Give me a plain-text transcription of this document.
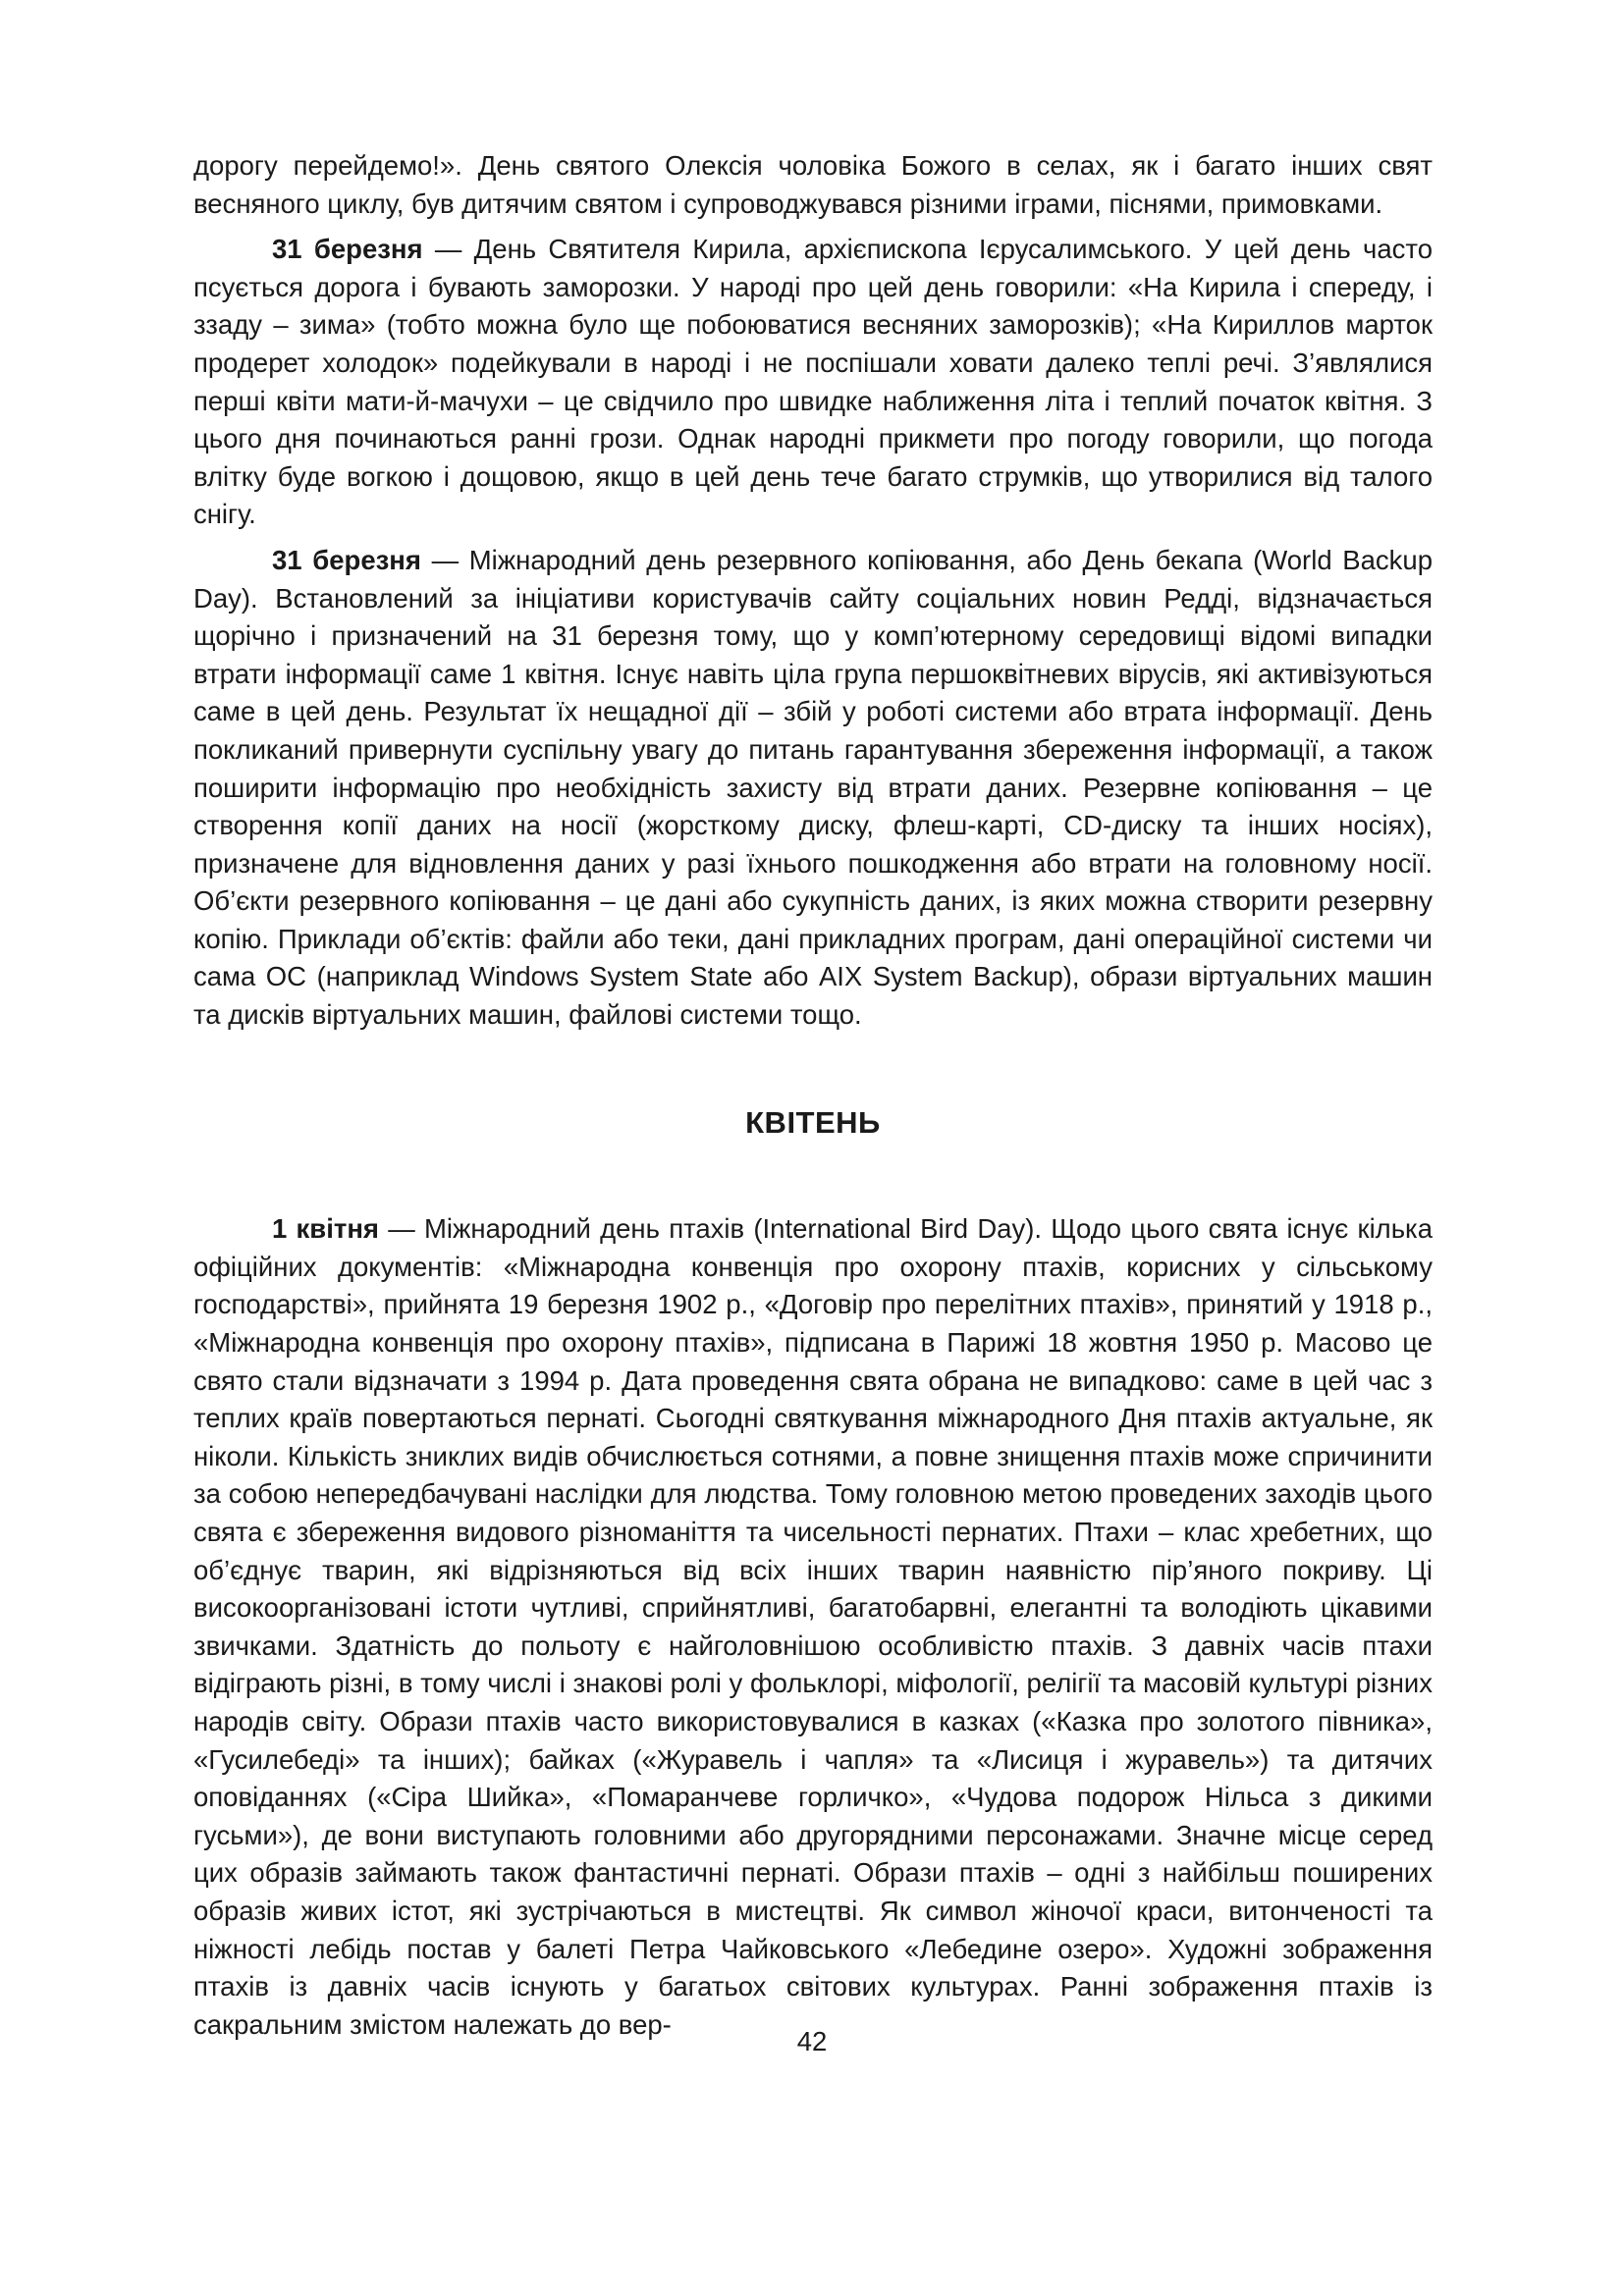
дорогу перейдемо!». День святого Олексія чоловіка Божого в селах, як і багато інших свят весняного циклу, був дитячим святом і супроводжувався різними іграми, піснями, примовками.

31 березня — День Святителя Кирила, архієпископа Ієрусалимського. У цей день часто псується дорога і бувають заморозки. У народі про цей день говорили: «На Кирила і спереду, і ззаду – зима» (тобто можна було ще побоюватися весняних заморозків); «На Кириллов марток продерет холодок» подейкували в народі і не поспішали ховати далеко теплі речі. З’являлися перші квіти мати-й-мачухи – це свідчило про швидке наближення літа і теплий початок квітня. З цього дня починаються ранні грози. Однак народні прикмети про погоду говорили, що погода влітку буде вогкою і дощовою, якщо в цей день тече багато струмків, що утворилися від талого снігу.

31 березня — Міжнародний день резервного копіювання, або День бекапа (World Backup Day). Встановлений за ініціативи користувачів сайту соціальних новин Редді, відзначається щорічно і призначений на 31 березня тому, що у комп’ютерному середовищі відомі випадки втрати інформації саме 1 квітня. Існує навіть ціла група першоквітневих вірусів, які активізуються саме в цей день. Результат їх нещадної дії – збій у роботі системи або втрата інформації. День покликаний привернути суспільну увагу до питань гарантування збереження інформації, а також поширити інформацію про необхідність захисту від втрати даних. Резервне копіювання – це створення копії даних на носії (жорсткому диску, флеш-карті, CD-диску та інших носіях), призначене для відновлення даних у разі їхнього пошкодження або втрати на головному носії. Об’єкти резервного копіювання – це дані або сукупність даних, із яких можна створити резервну копію. Приклади об’єктів: файли або теки, дані прикладних програм, дані операційної системи чи сама ОС (наприклад Windows System State або AIX System Backup), образи віртуальних машин та дисків віртуальних машин, файлові системи тощо.

КВІТЕНЬ

1 квітня — Міжнародний день птахів (International Bird Day). Щодо цього свята існує кілька офіційних документів: «Міжнародна конвенція про охорону птахів, корисних у сільському господарстві», прийнята 19 березня 1902 р., «Договір про перелітних птахів», принятий у 1918 р., «Міжнародна конвенція про охорону птахів», підписана в Парижі 18 жовтня 1950 р. Масово це свято стали відзначати з 1994 р. Дата проведення свята обрана не випадково: саме в цей час з теплих країв повертаються пернаті. Сьогодні святкування міжнародного Дня птахів актуальне, як ніколи. Кількість зниклих видів обчислюється сотнями, а повне знищення птахів може спричинити за собою непередбачувані наслідки для людства. Тому головною метою проведених заходів цього свята є збереження видового різноманіття та чисельності пернатих. Птахи – клас хребетних, що об’єднує тварин, які відрізняються від всіх інших тварин наявністю пір’яного покриву. Ці високоорганізовані істоти чутливі, сприйнятливі, багатобарвні, елегантні та володіють цікавими звичками. Здатність до польоту є найголовнішою особливістю птахів. З давніх часів птахи відіграють різні, в тому числі і знакові ролі у фольклорі, міфології, релігії та масовій культурі різних народів світу. Образи птахів часто використовувалися в казках («Казка про золотого півника», «Гусилебеді» та інших); байках («Журавель і чапля» та «Лисиця і журавель») та дитячих оповіданнях («Сіра Шийка», «Помаранчеве горличко», «Чудова подорож Нільса з дикими гусьми»), де вони виступають головними або другорядними персонажами. Значне місце серед цих образів займають також фантастичні пернаті. Образи птахів – одні з найбільш поширених образів живих істот, які зустрічаються в мистецтві. Як символ жіночої краси, витонченості та ніжності лебідь постав у балеті Петра Чайковського «Лебедине озеро». Художні зображення птахів із давніх часів існують у багатьох світових культурах. Ранні зображення птахів із сакральним змістом належать до вер-

42
